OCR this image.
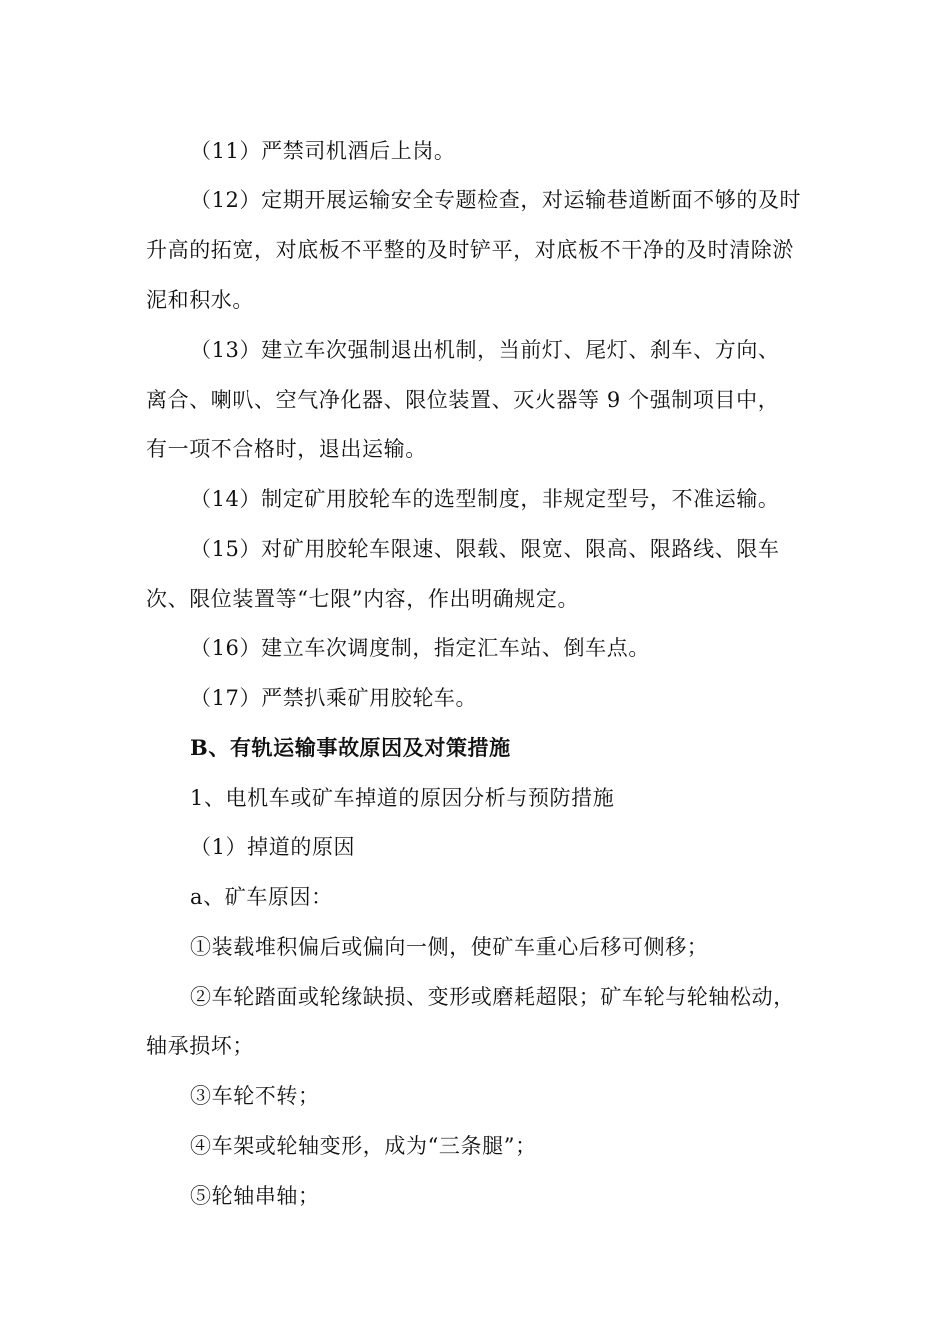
（11）严禁司机酒后上岗。
（12）定期开展运输安全专题检查，对运输巷道断面不够的及时
升高的拓宽，对底板不平整的及时铲平，对底板不干净的及时清除淤
泥和积水。
（13）建立车次强制退出机制，当前灯、尾灯、刹车、方向、
离合、喇叭、空气净化器、限位装置、灭火器等 9 个强制项目中，
有一项不合格时，退出运输。
（14）制定矿用胶轮车的选型制度，非规定型号，不准运输。
（15）对矿用胶轮车限速、限载、限宽、限高、限路线、限车
次、限位装置等“七限”内容，作出明确规定。
（16）建立车次调度制，指定汇车站、倒车点。
（17）严禁扒乘矿用胶轮车。
B、有轨运输事故原因及对策措施
1、电机车或矿车掉道的原因分析与预防措施
（1）掉道的原因
a、矿车原因：
①装载堆积偏后或偏向一侧，使矿车重心后移可侧移；
②车轮踏面或轮缘缺损、变形或磨耗超限；矿车轮与轮轴松动，
轴承损坏；
③车轮不转；
④车架或轮轴变形，成为“三条腿”；
⑤轮轴串轴；
